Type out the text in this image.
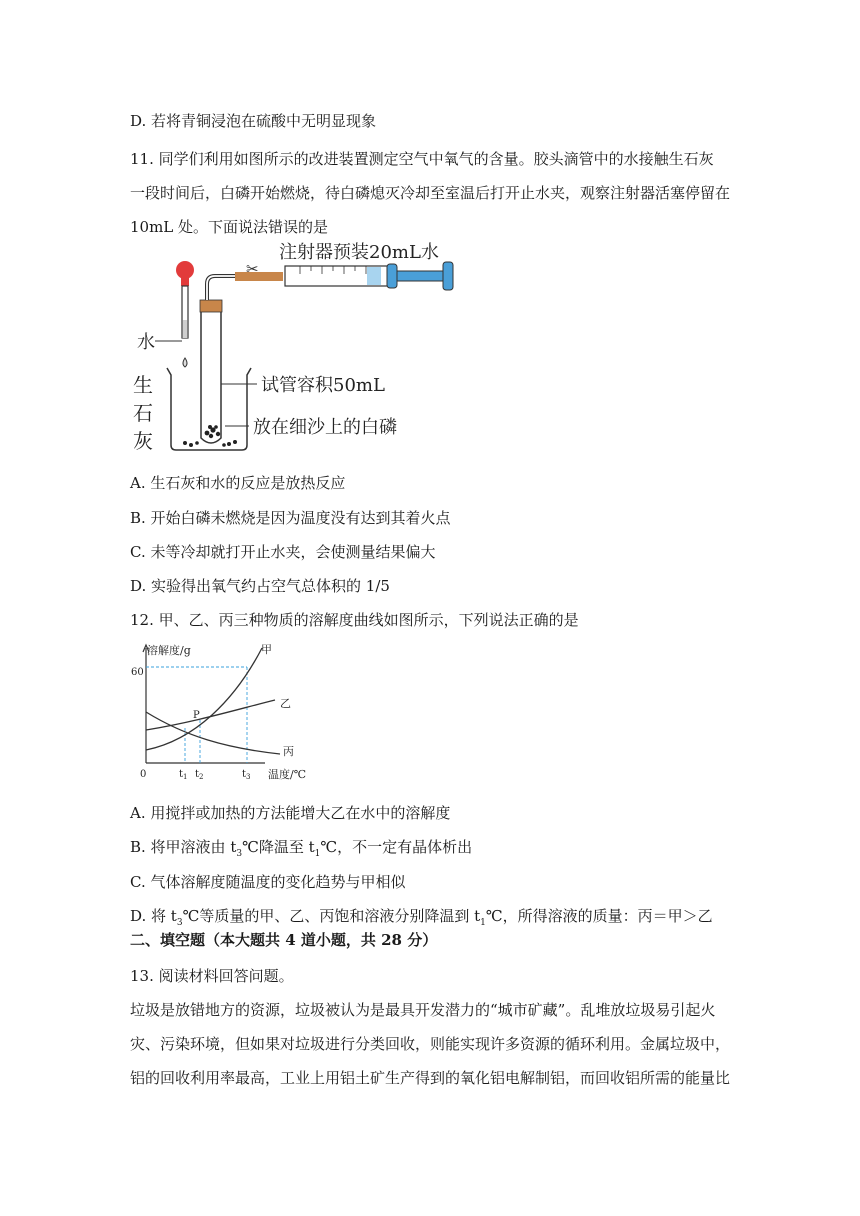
D. 若将青铜浸泡在硫酸中无明显现象
11. 同学们利用如图所示的改进装置测定空气中氧气的含量。胶头滴管中的水接触生石灰
一段时间后，白磷开始燃烧，待白磷熄灭冷却至室温后打开止水夹，观察注射器活塞停留在
10mL 处。下面说法错误的是
✂
注射器预装20mL水
水
生
石
灰
试管容积50mL
放在细沙上的白磷
A. 生石灰和水的反应是放热反应
B. 开始白磷未燃烧是因为温度没有达到其着火点
C. 未等冷却就打开止水夹，会使测量结果偏大
D. 实验得出氧气约占空气总体积的 1/5
12. 甲、乙、丙三种物质的溶解度曲线如图所示，下列说法正确的是
溶解度/g
温度/℃
60
0
P
甲
乙
丙
$t_1$ $t_2$	$t_3$
A. 用搅拌或加热的方法能增大乙在水中的溶解度
B. 将甲溶液由 $t_3℃$降温至 $t_1℃$，不一定有晶体析出
C. 气体溶解度随温度的变化趋势与甲相似
D. 将 $t_3℃$等质量的甲、乙、丙饱和溶液分别降温到 $t_1℃$，所得溶液的质量：丙＝甲＞乙
二、填空题（本大题共 4 道小题，共 28 分）
13. 阅读材料回答问题。
垃圾是放错地方的资源，垃圾被认为是最具开发潜力的“城市矿藏”。乱堆放垃圾易引起火
灾、污染环境，但如果对垃圾进行分类回收，则能实现许多资源的循环利用。金属垃圾中，
铝的回收利用率最高，工业上用铝土矿生产得到的氧化铝电解制铝，而回收铝所需的能量比
